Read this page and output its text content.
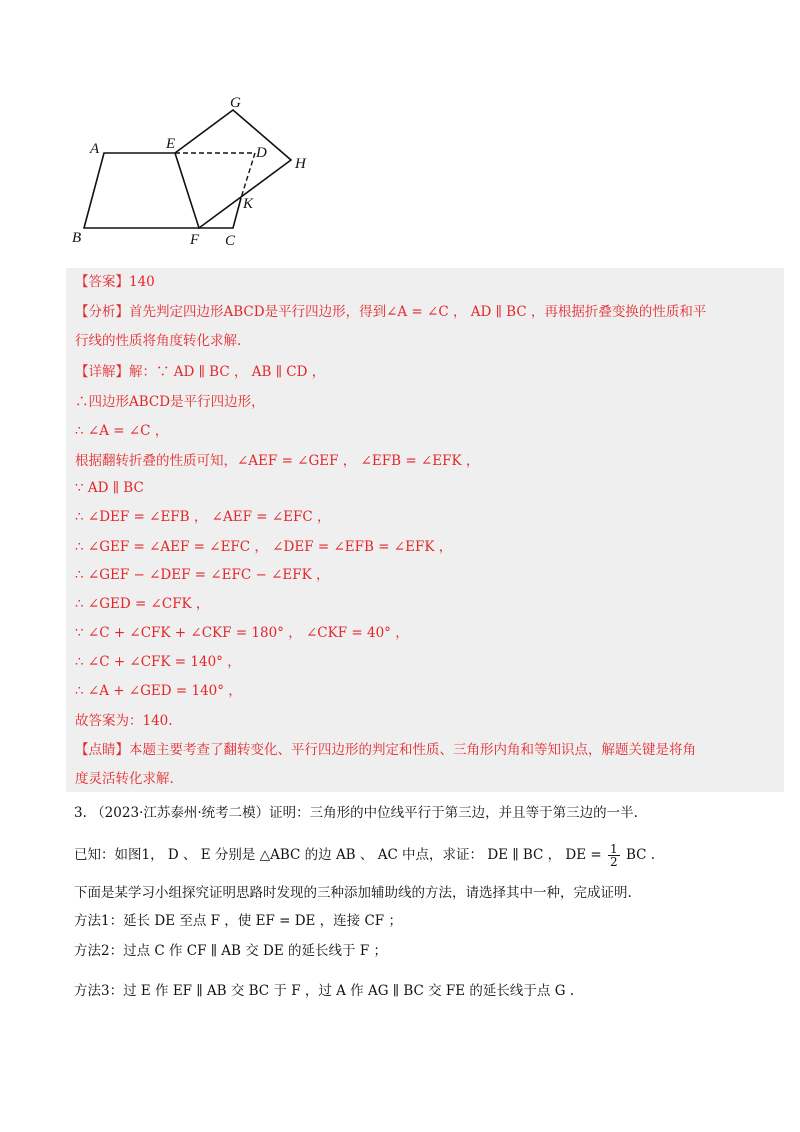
A
B	C
D
E
F
G
H
K
【答案】140
【分析】首先判定四边形ABCD是平行四边形，得到∠A = ∠C ， AD ∥ BC ，再根据折叠变换的性质和平
行线的性质将角度转化求解.
【详解】解：∵ AD ∥ BC ， AB ∥ CD ，
∴四边形ABCD是平行四边形，
∴ ∠A = ∠C ，
根据翻转折叠的性质可知，∠AEF = ∠GEF ， ∠EFB = ∠EFK ，
∵ AD ∥ BC
∴ ∠DEF = ∠EFB ， ∠AEF = ∠EFC ，
∴ ∠GEF = ∠AEF = ∠EFC ， ∠DEF = ∠EFB = ∠EFK ，
∴ ∠GEF − ∠DEF = ∠EFC − ∠EFK ，
∴ ∠GED = ∠CFK ，
∵ ∠C + ∠CFK + ∠CKF = 180° ， ∠CKF = 40° ，
∴ ∠C + ∠CFK = 140° ，
∴ ∠A + ∠GED = 140° ，
故答案为：140.
【点睛】本题主要考查了翻转变化、平行四边形的判定和性质、三角形内角和等知识点，解题关键是将角
度灵活转化求解.
3. （2023·江苏泰州·统考二模）证明：三角形的中位线平行于第三边，并且等于第三边的一半.
已知：如图1， D 、 E 分别是 △ABC 的边 AB 、 AC 中点，求证： DE ∥ BC ， DE = $\frac{1}{2}$ BC .
下面是某学习小组探究证明思路时发现的三种添加辅助线的方法，请选择其中一种，完成证明.
方法1：延长 DE 至点 F ，使 EF = DE ，连接 CF ；
方法2：过点 C 作 CF ∥ AB 交 DE 的延长线于 F ；
方法3：过 E 作 EF ∥ AB 交 BC 于 F ，过 A 作 AG ∥ BC 交 FE 的延长线于点 G .
